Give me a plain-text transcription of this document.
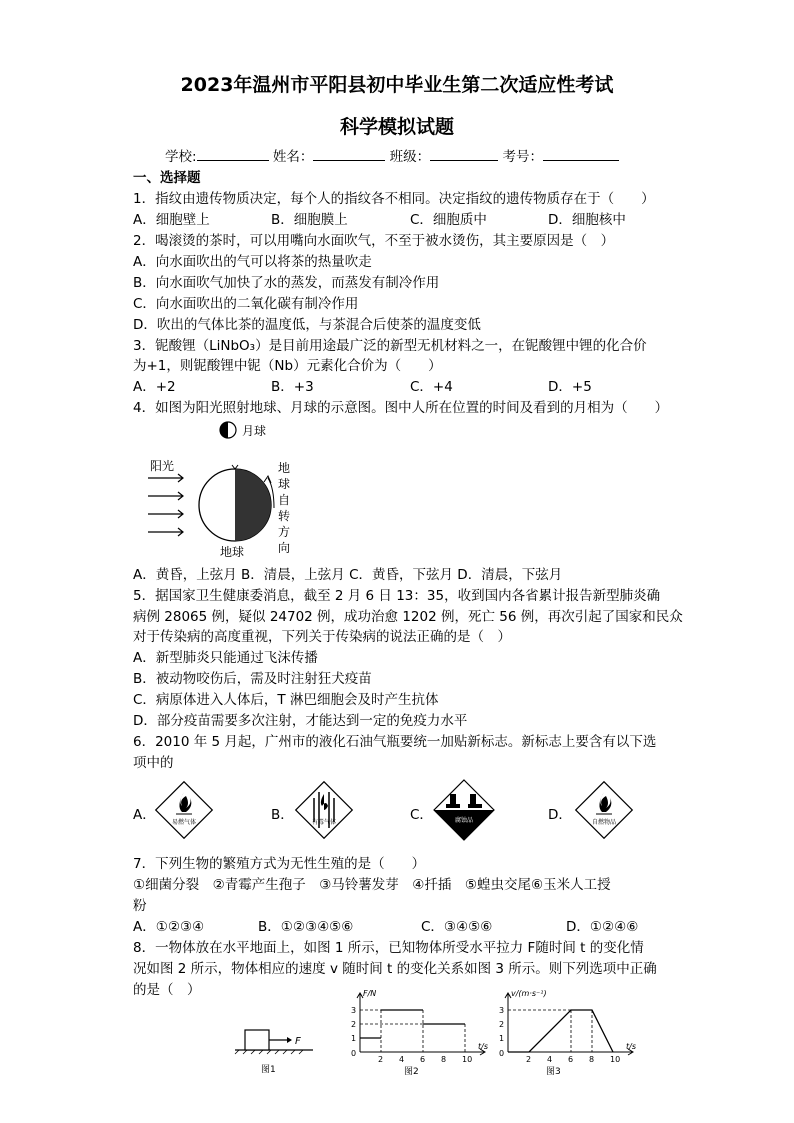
2023年温州市平阳县初中毕业生第二次适应性考试
科学模拟试题
学校:	姓名：	班级：	考号：
一、选择题
1．指纹由遗传物质决定，每个人的指纹各不相同。决定指纹的遗传物质存在于（　　）
A．细胞壁上	B．细胞膜上	C．细胞质中	D．细胞核中
2．喝滚烫的茶时，可以用嘴向水面吹气，不至于被水烫伤，其主要原因是（　）
A．向水面吹出的气可以将茶的热量吹走
B．向水面吹气加快了水的蒸发，而蒸发有制冷作用
C．向水面吹出的二氧化碳有制冷作用
D．吹出的气体比茶的温度低，与茶混合后使茶的温度变低
3．铌酸锂（LiNbO₃）是目前用途最广泛的新型无机材料之一，在铌酸锂中锂的化合价
为+1，则铌酸锂中铌（Nb）元素化合价为（　　）
A．+2	B．+3	C．+4	D．+5
4．如图为阳光照射地球、月球的示意图。图中人所在位置的时间及看到的月相为（　　）
月球
阳光
地球
地
球
自
转
方
向
A．黄昏，上弦月 B．清晨，上弦月 C．黄昏，下弦月 D．清晨，下弦月
5．据国家卫生健康委消息，截至 2 月 6 日 13：35，收到国内各省累计报告新型肺炎确
病例 28065 例，疑似 24702 例，成功治愈 1202 例，死亡 56 例，再次引起了国家和民众
对于传染病的高度重视，下列关于传染病的说法正确的是（　）
A．新型肺炎只能通过飞沫传播
B．被动物咬伤后，需及时注射狂犬疫苗
C．病原体进入人体后，T 淋巴细胞会及时产生抗体
D．部分疫苗需要多次注射，才能达到一定的免疫力水平
6．2010 年 5 月起，广州市的液化石油气瓶要统一加贴新标志。新标志上要含有以下选
项中的
A．	易燃气体	B．	有毒气体	C．	腐蚀品	D．	自燃物品
7．下列生物的繁殖方式为无性生殖的是（　　）
①细菌分裂　②青霉产生孢子　③马铃薯发芽　④扦插　⑤蝗虫交尾⑥玉米人工授
粉
A．①②③④	B．①②③④⑤⑥	C．③④⑤⑥	D．①②④⑥
8．一物体放在水平地面上，如图 1 所示，已知物体所受水平拉力 F随时间 t 的变化情
况如图 2 所示，物体相应的速度 v 随时间 t 的变化关系如图 3 所示。则下列选项中正确
的是（　）
F
图1
0
1
2
3
2 4 6 8 10
F/N
t/s
图2
0
1
2
3
2 4 6 8 10
v/(m·s⁻¹)
t/s
图3
